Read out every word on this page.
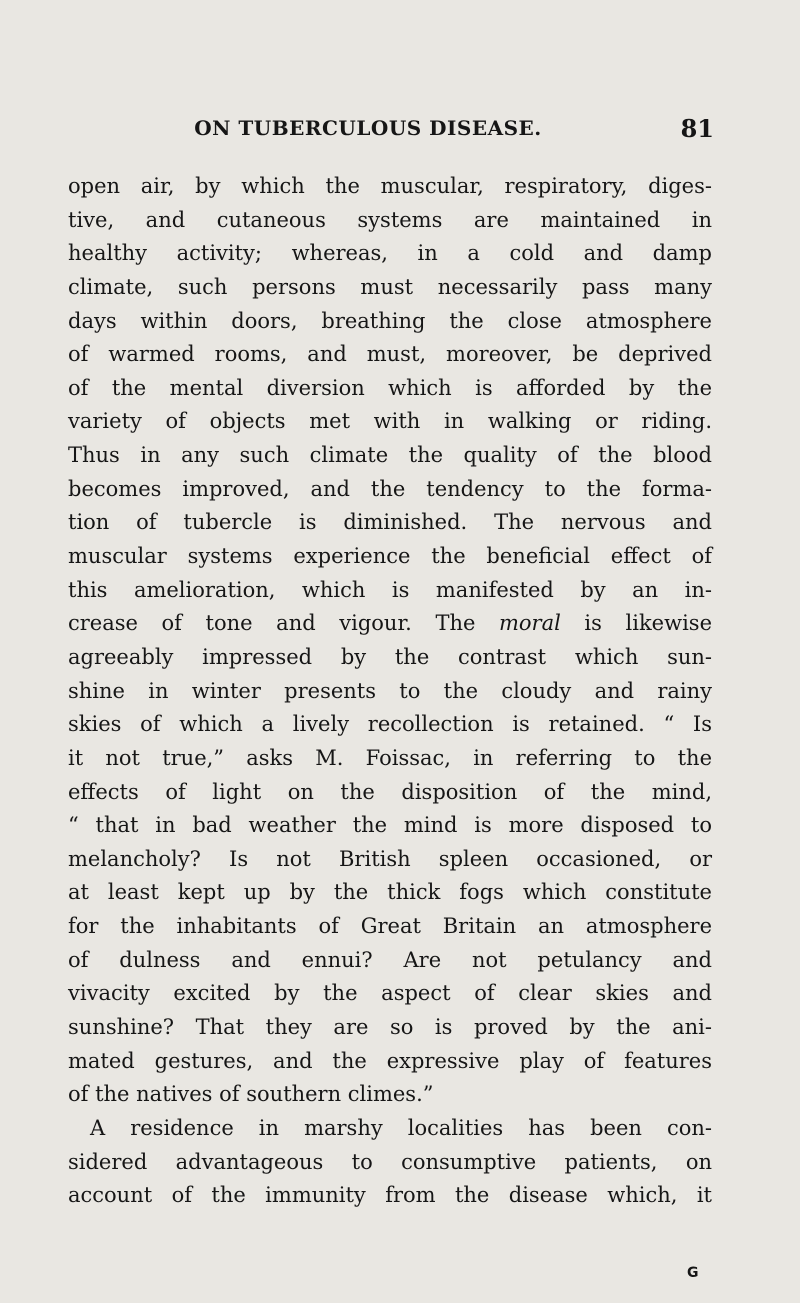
ON TUBERCULOUS DISEASE.	81
open air, by which the muscular, respiratory, diges-
tive, and cutaneous systems are maintained in
healthy activity; whereas, in a cold and damp
climate, such persons must necessarily pass many
days within doors, breathing the close atmosphere
of warmed rooms, and must, moreover, be deprived
of the mental diversion which is afforded by the
variety of objects met with in walking or riding.
Thus in any such climate the quality of the blood
becomes improved, and the tendency to the forma-
tion of tubercle is diminished. The nervous and
muscular systems experience the beneficial effect of
this amelioration, which is manifested by an in-
crease of tone and vigour. The moral is likewise
agreeably impressed by the contrast which sun-
shine in winter presents to the cloudy and rainy
skies of which a lively recollection is retained. “ Is
it not true,” asks M. Foissac, in referring to the
effects of light on the disposition of the mind,
“ that in bad weather the mind is more disposed to
melancholy? Is not British spleen occasioned, or
at least kept up by the thick fogs which constitute
for the inhabitants of Great Britain an atmosphere
of dulness and ennui? Are not petulancy and
vivacity excited by the aspect of clear skies and
sunshine? That they are so is proved by the ani-
mated gestures, and the expressive play of features
of the natives of southern climes.”
A residence in marshy localities has been con-
sidered advantageous to consumptive patients, on
account of the immunity from the disease which, it
G
